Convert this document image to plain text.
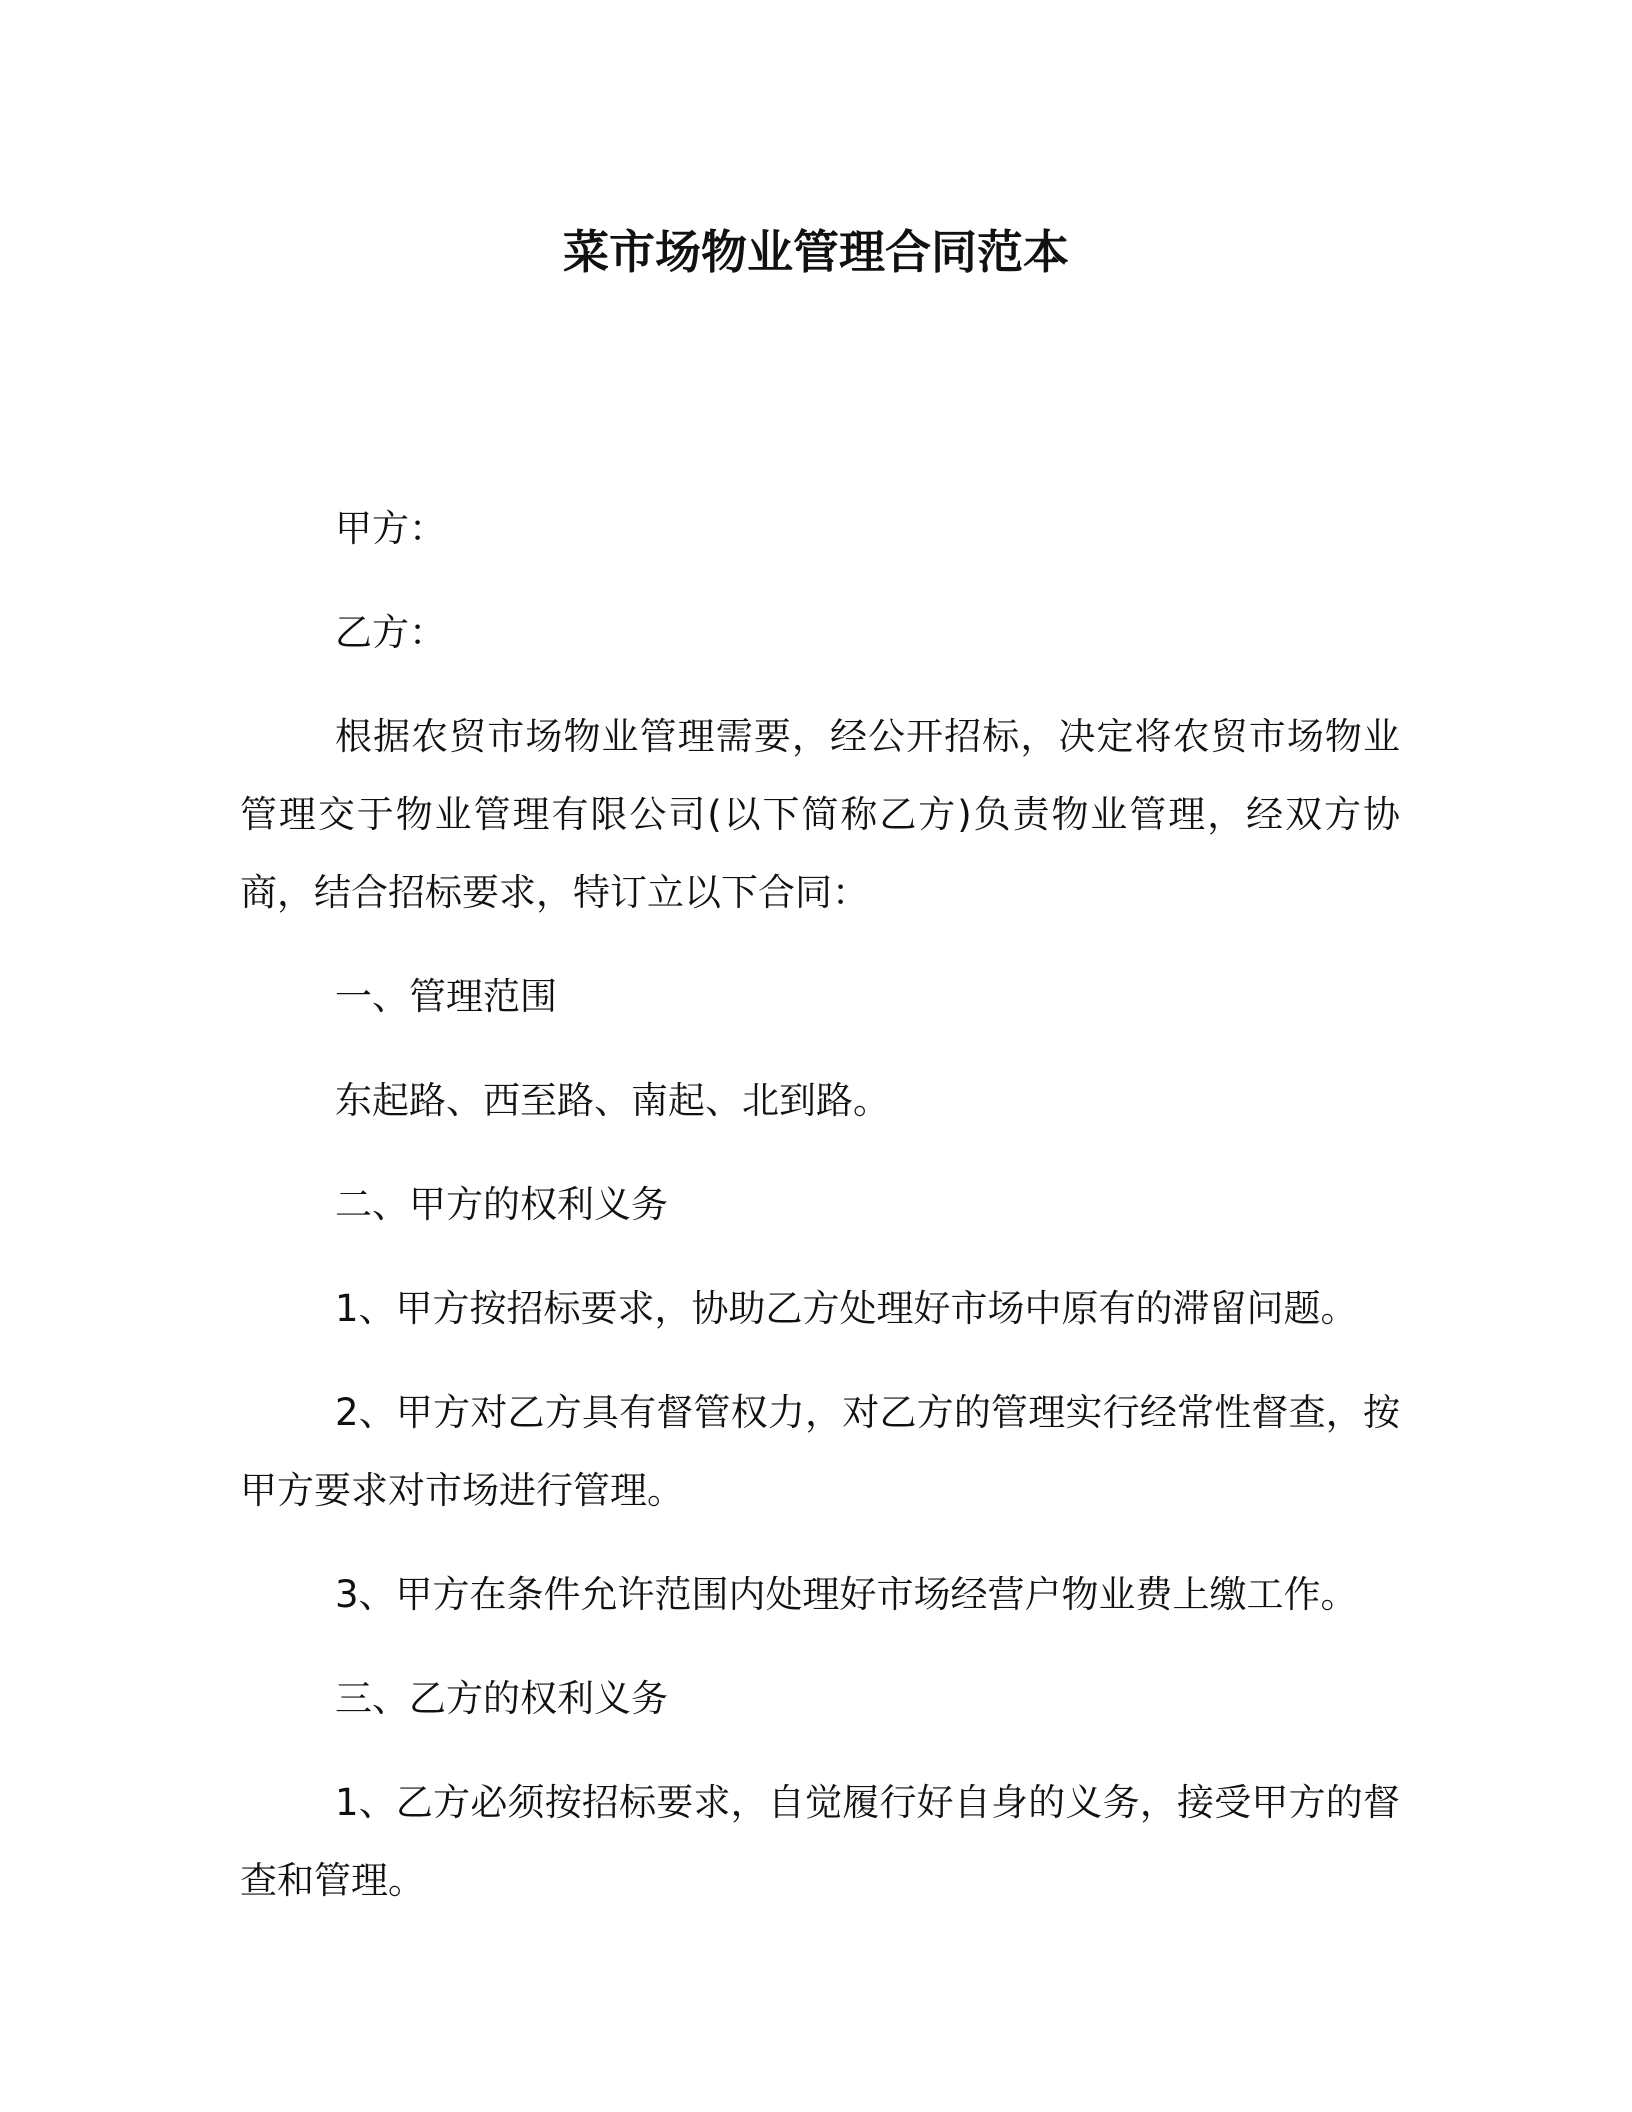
菜市场物业管理合同范本

甲方：

乙方：

根据农贸市场物业管理需要，经公开招标，决定将农贸市场物业管理交于物业管理有限公司(以下简称乙方)负责物业管理，经双方协商，结合招标要求，特订立以下合同：

一、管理范围

东起路、西至路、南起、北到路。

二、甲方的权利义务

1、甲方按招标要求，协助乙方处理好市场中原有的滞留问题。

2、甲方对乙方具有督管权力，对乙方的管理实行经常性督查，按甲方要求对市场进行管理。

3、甲方在条件允许范围内处理好市场经营户物业费上缴工作。

三、乙方的权利义务

1、乙方必须按招标要求，自觉履行好自身的义务，接受甲方的督查和管理。
